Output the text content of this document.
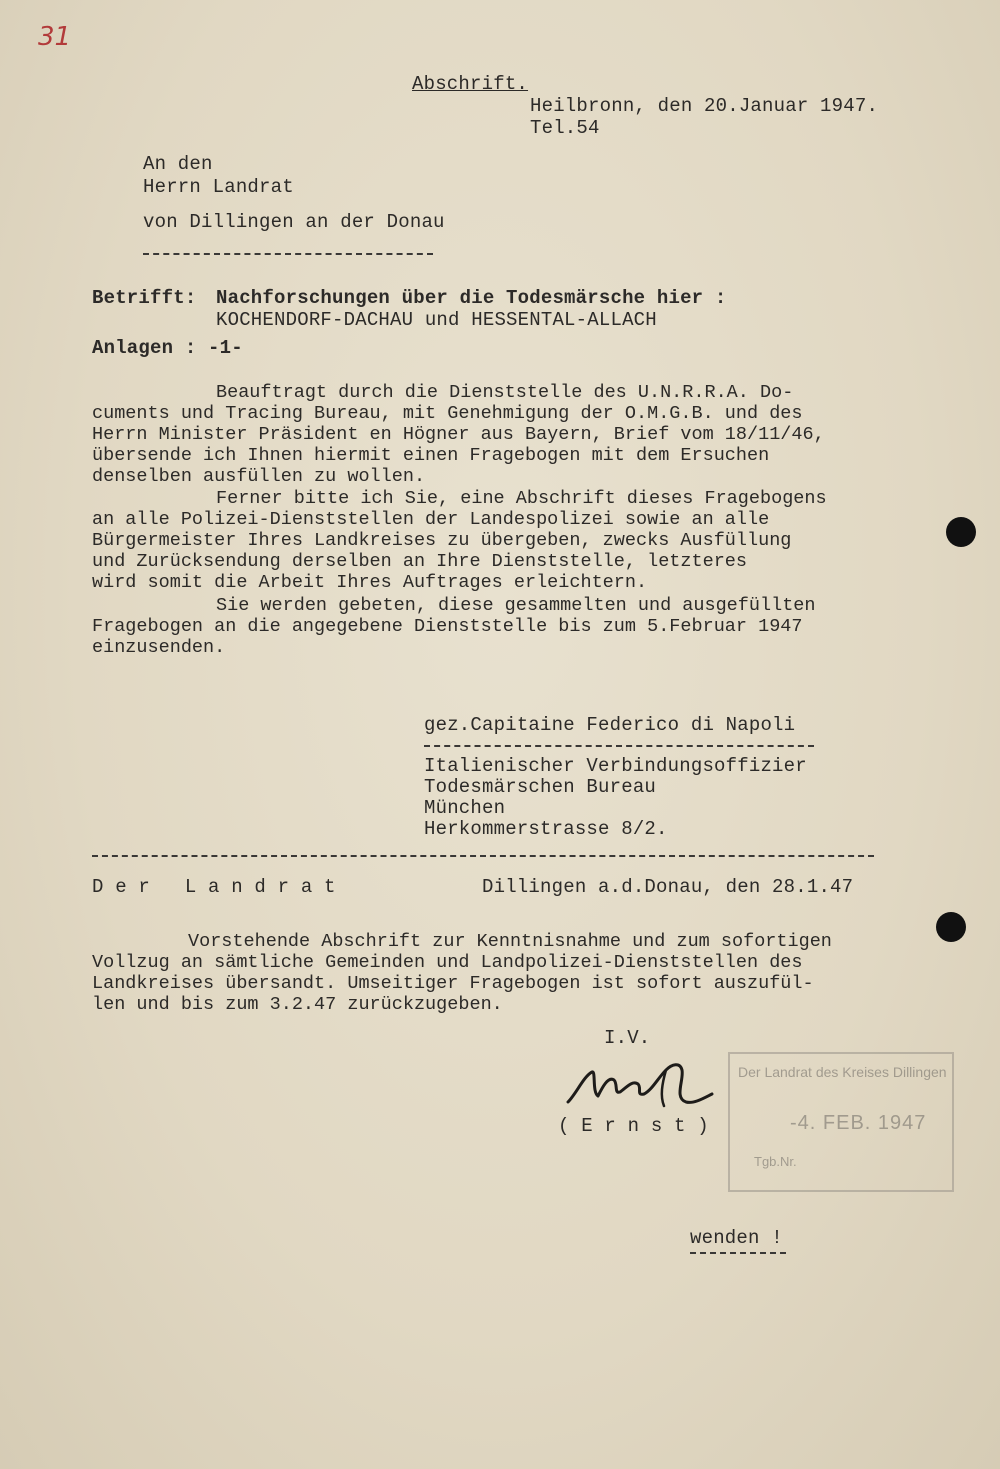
31
Abschrift.
Heilbronn, den 20.Januar 1947.
Tel.54
An den
Herrn Landrat
von Dillingen an der Donau
Betrifft: Nachforschungen über die Todesmärsche hier :
KOCHENDORF-DACHAU und HESSENTAL-ALLACH
Anlagen : -1-
Beauftragt durch die Dienststelle des U.N.R.R.A. Do-
cuments und Tracing Bureau, mit Genehmigung der O.M.G.B. und des
Herrn Minister Präsident en Högner aus Bayern, Brief vom 18/11/46,
übersende ich Ihnen hiermit einen Fragebogen mit dem Ersuchen
denselben ausfüllen zu wollen.
Ferner bitte ich Sie, eine Abschrift dieses Fragebogens
an alle Polizei-Dienststellen der Landespolizei sowie an alle
Bürgermeister Ihres Landkreises zu übergeben, zwecks Ausfüllung
und Zurücksendung derselben an Ihre Dienststelle, letzteres
wird somit die Arbeit Ihres Auftrages erleichtern.
Sie werden gebeten, diese gesammelten und ausgefüllten
Fragebogen an die angegebene Dienststelle bis zum 5.Februar 1947
einzusenden.
gez.Capitaine Federico di Napoli
Italienischer Verbindungsoffizier
Todesmärschen Bureau
München
Herkommerstrasse 8/2.
D e r   L a n d r a t	Dillingen a.d.Donau, den 28.1.47
Vorstehende Abschrift zur Kenntnisnahme und zum sofortigen
Vollzug an sämtliche Gemeinden und Landpolizei-Dienststellen des
Landkreises übersandt. Umseitiger Fragebogen ist sofort auszufül-
len und bis zum 3.2.47 zurückzugeben.
I.V.
( E r n s t )
Der Landrat des Kreises Dillingen
-4. FEB. 1947
Tgb.Nr.
wenden !
